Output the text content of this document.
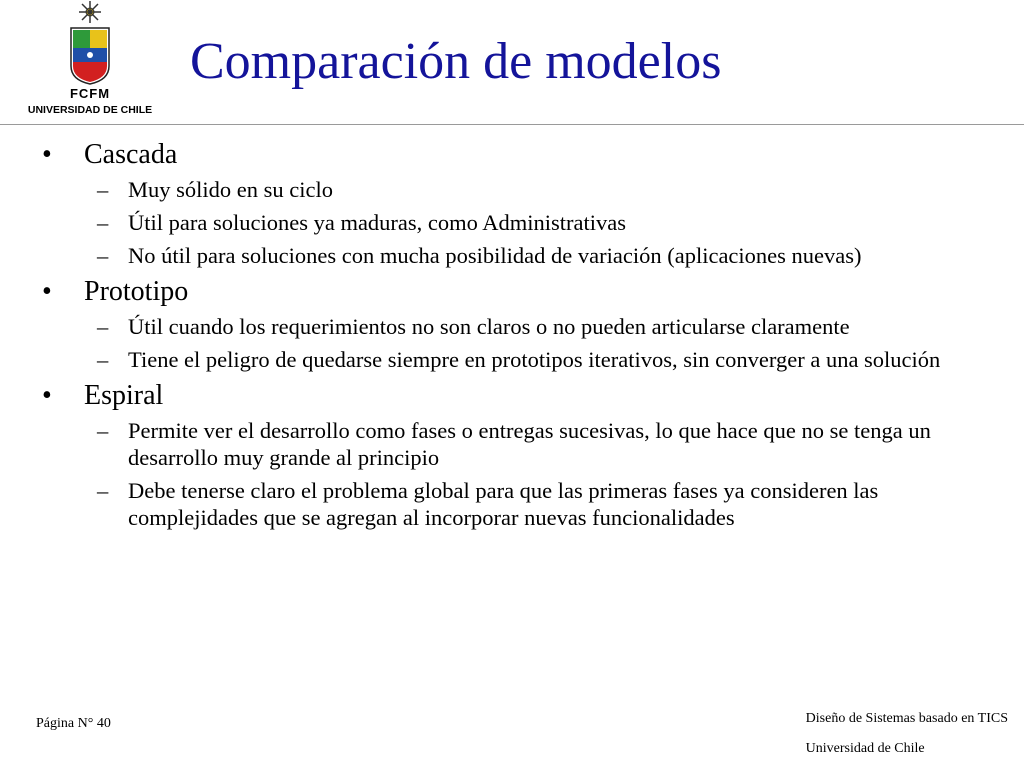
FCFM
UNIVERSIDAD DE CHILE
Comparación de modelos
• Cascada
– Muy sólido en su ciclo
– Útil para soluciones ya maduras, como Administrativas
– No útil para soluciones con mucha posibilidad de variación (aplicaciones nuevas)
• Prototipo
– Útil cuando los requerimientos no son claros o no pueden articularse claramente
– Tiene el peligro de quedarse siempre en prototipos iterativos, sin converger a una solución
• Espiral
– Permite ver el desarrollo como fases o entregas sucesivas, lo que hace que no se tenga un desarrollo muy grande al principio
– Debe tenerse claro el problema global para que las primeras fases ya consideren las complejidades que se agregan al incorporar nuevas funcionalidades
Página N° 40	Diseño de Sistemas basado en TICS
Universidad de Chile
